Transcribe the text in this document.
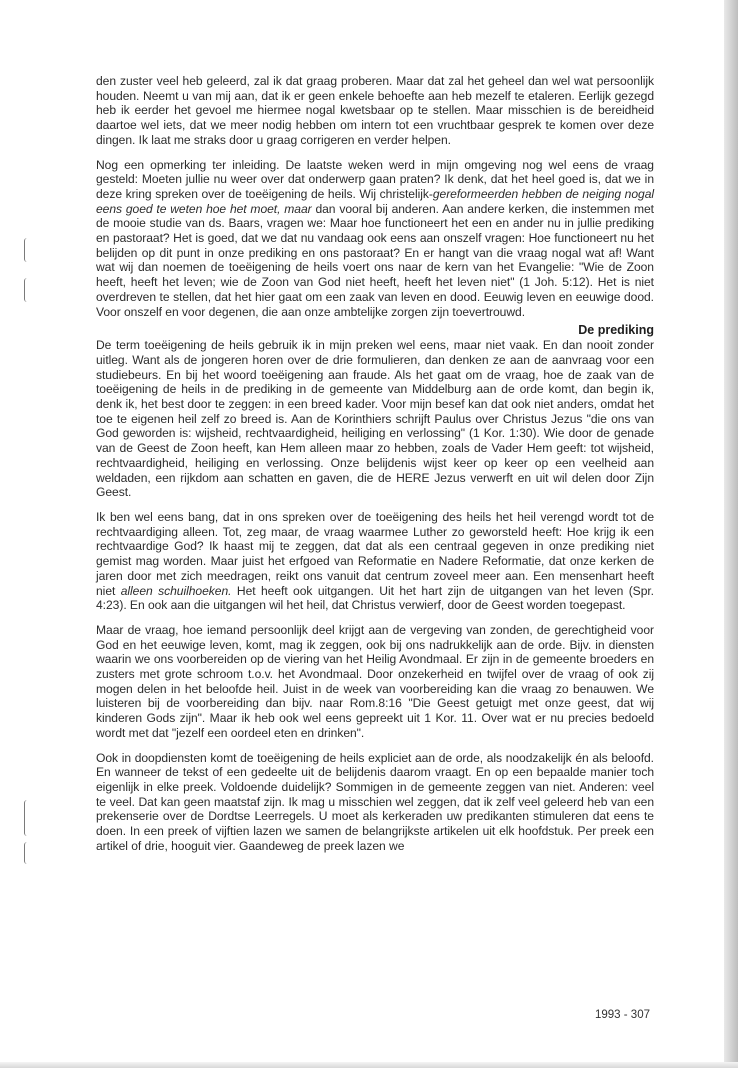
den zuster veel heb geleerd, zal ik dat graag proberen. Maar dat zal het geheel dan wel wat persoonlijk houden. Neemt u van mij aan, dat ik er geen enkele behoefte aan heb mezelf te etaleren. Eerlijk gezegd heb ik eerder het gevoel me hiermee nogal kwetsbaar op te stellen. Maar misschien is de bereidheid daartoe wel iets, dat we meer nodig hebben om intern tot een vruchtbaar gesprek te komen over deze dingen. Ik laat me straks door u graag corrigeren en verder helpen.

Nog een opmerking ter inleiding. De laatste weken werd in mijn omgeving nog wel eens de vraag gesteld: Moeten jullie nu weer over dat onderwerp gaan praten? Ik denk, dat het heel goed is, dat we in deze kring spreken over de toeëigening de heils. Wij christelijk-gereformeerden hebben de neiging nogal eens goed te weten hoe het moet, maar dan vooral bij anderen. Aan andere kerken, die instemmen met de mooie studie van ds. Baars, vragen we: Maar hoe functioneert het een en ander nu in jullie prediking en pastoraat? Het is goed, dat we dat nu vandaag ook eens aan onszelf vragen: Hoe functioneert nu het belijden op dit punt in onze prediking en ons pastoraat? En er hangt van die vraag nogal wat af! Want wat wij dan noemen de toeëigening de heils voert ons naar de kern van het Evangelie: "Wie de Zoon heeft, heeft het leven; wie de Zoon van God niet heeft, heeft het leven niet" (1 Joh. 5:12). Het is niet overdreven te stellen, dat het hier gaat om een zaak van leven en dood. Eeuwig leven en eeuwige dood. Voor onszelf en voor degenen, die aan onze ambtelijke zorgen zijn toevertrouwd.

De prediking

De term toeëigening de heils gebruik ik in mijn preken wel eens, maar niet vaak. En dan nooit zonder uitleg. Want als de jongeren horen over de drie formulieren, dan denken ze aan de aanvraag voor een studiebeurs. En bij het woord toeëigening aan fraude. Als het gaat om de vraag, hoe de zaak van de toeëigening de heils in de prediking in de gemeente van Middelburg aan de orde komt, dan begin ik, denk ik, het best door te zeggen: in een breed kader. Voor mijn besef kan dat ook niet anders, omdat het toe te eigenen heil zelf zo breed is. Aan de Korinthiers schrijft Paulus over Christus Jezus "die ons van God geworden is: wijsheid, rechtvaardigheid, heiliging en verlossing" (1 Kor. 1:30). Wie door de genade van de Geest de Zoon heeft, kan Hem alleen maar zo hebben, zoals de Vader Hem geeft: tot wijsheid, rechtvaardigheid, heiliging en verlossing. Onze belijdenis wijst keer op keer op een veelheid aan weldaden, een rijkdom aan schatten en gaven, die de HERE Jezus verwerft en uit wil delen door Zijn Geest.

Ik ben wel eens bang, dat in ons spreken over de toeëigening des heils het heil verengd wordt tot de rechtvaardiging alleen. Tot, zeg maar, de vraag waarmee Luther zo geworsteld heeft: Hoe krijg ik een rechtvaardige God? Ik haast mij te zeggen, dat dat als een centraal gegeven in onze prediking niet gemist mag worden. Maar juist het erfgoed van Reformatie en Nadere Reformatie, dat onze kerken de jaren door met zich meedragen, reikt ons vanuit dat centrum zoveel meer aan. Een mensenhart heeft niet alleen schuilhoeken. Het heeft ook uitgangen. Uit het hart zijn de uitgangen van het leven (Spr. 4:23). En ook aan die uitgangen wil het heil, dat Christus verwierf, door de Geest worden toegepast.

Maar de vraag, hoe iemand persoonlijk deel krijgt aan de vergeving van zonden, de gerechtigheid voor God en het eeuwige leven, komt, mag ik zeggen, ook bij ons nadrukkelijk aan de orde. Bijv. in diensten waarin we ons voorbereiden op de viering van het Heilig Avondmaal. Er zijn in de gemeente broeders en zusters met grote schroom t.o.v. het Avondmaal. Door onzekerheid en twijfel over de vraag of ook zij mogen delen in het beloofde heil. Juist in de week van voorbereiding kan die vraag zo benauwen. We luisteren bij de voorbereiding dan bijv. naar Rom.8:16 "Die Geest getuigt met onze geest, dat wij kinderen Gods zijn". Maar ik heb ook wel eens gepreekt uit 1 Kor. 11. Over wat er nu precies bedoeld wordt met dat "jezelf een oordeel eten en drinken".

Ook in doopdiensten komt de toeëigening de heils expliciet aan de orde, als noodzakelijk én als beloofd. En wanneer de tekst of een gedeelte uit de belijdenis daarom vraagt. En op een bepaalde manier toch eigenlijk in elke preek. Voldoende duidelijk? Sommigen in de gemeente zeggen van niet. Anderen: veel te veel. Dat kan geen maatstaf zijn. Ik mag u misschien wel zeggen, dat ik zelf veel geleerd heb van een prekenserie over de Dordtse Leerregels. U moet als kerkeraden uw predikanten stimuleren dat eens te doen. In een preek of vijftien lazen we samen de belangrijkste artikelen uit elk hoofdstuk. Per preek een artikel of drie, hooguit vier. Gaandeweg de preek lazen we

1993 - 307
